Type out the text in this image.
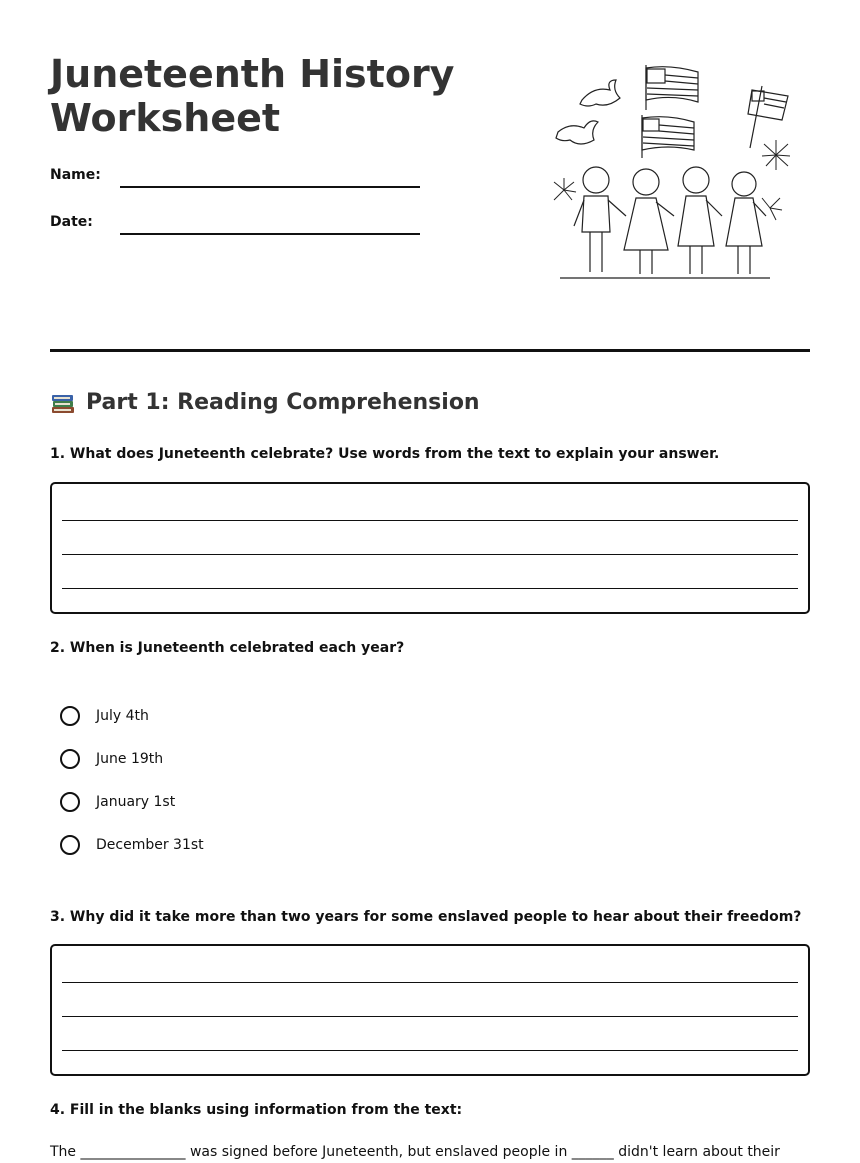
Juneteenth History Worksheet
Name:
Date:
Part 1: Reading Comprehension

1. What does Juneteenth celebrate? Use words from the text to explain your answer.

2. When is Juneteenth celebrated each year?

July 4th
June 19th
January 1st
December 31st

3. Why did it take more than two years for some enslaved people to hear about their freedom?

4. Fill in the blanks using information from the text:

The _______________ was signed before Juneteenth, but enslaved people in ______ didn't learn about their
